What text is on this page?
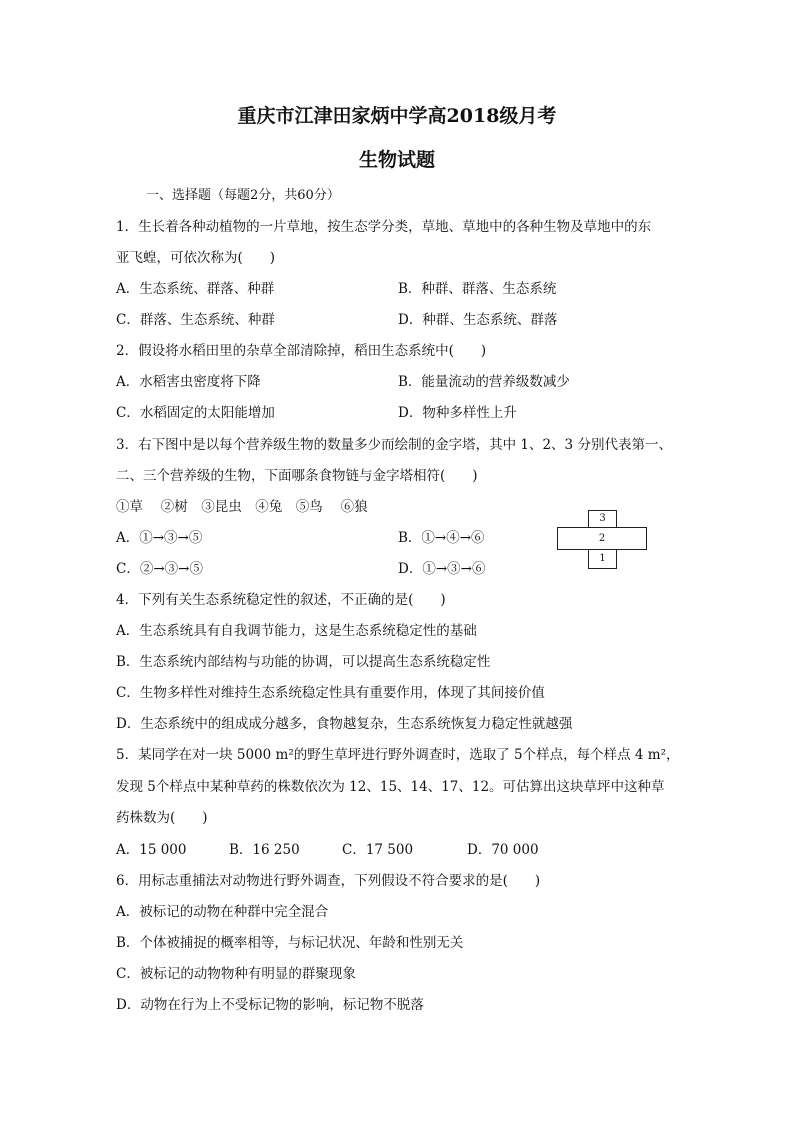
重庆市江津田家炳中学高2018级月考
生物试题
一、选择题（每题2分，共60分）
1．生长着各种动植物的一片草地，按生态学分类，草地、草地中的各种生物及草地中的东
亚飞蝗，可依次称为(　　)
A．生态系统、群落、种群	B．种群、群落、生态系统
C．群落、生态系统、种群	D．种群、生态系统、群落
2．假设将水稻田里的杂草全部清除掉，稻田生态系统中(　　)
A．水稻害虫密度将下降	B．能量流动的营养级数减少
C．水稻固定的太阳能增加	D．物种多样性上升
3．右下图中是以每个营养级生物的数量多少而绘制的金字塔，其中 1、2、3 分别代表第一、
二、三个营养级的生物，下面哪条食物链与金字塔相符(　　)
①草　 ②树　③昆虫　④兔　⑤鸟　 ⑥狼
A．①→③→⑤	B．①→④→⑥
C．②→③→⑤	D．①→③→⑥
3
2
1
4．下列有关生态系统稳定性的叙述，不正确的是(　　)
A．生态系统具有自我调节能力，这是生态系统稳定性的基础
B．生态系统内部结构与功能的协调，可以提高生态系统稳定性
C．生物多样性对维持生态系统稳定性具有重要作用，体现了其间接价值
D．生态系统中的组成成分越多，食物越复杂，生态系统恢复力稳定性就越强
5．某同学在对一块 5000 m²的野生草坪进行野外调查时，选取了 5个样点，每个样点 4 m²，
发现 5个样点中某种草药的株数依次为 12、15、14、17、12。可估算出这块草坪中这种草
药株数为(　　)
A．15 000	B．16 250	C．17 500	D．70 000
6．用标志重捕法对动物进行野外调查，下列假设不符合要求的是(　　)
A．被标记的动物在种群中完全混合
B．个体被捕捉的概率相等，与标记状况、年龄和性别无关
C．被标记的动物物种有明显的群聚现象
D．动物在行为上不受标记物的影响，标记物不脱落
